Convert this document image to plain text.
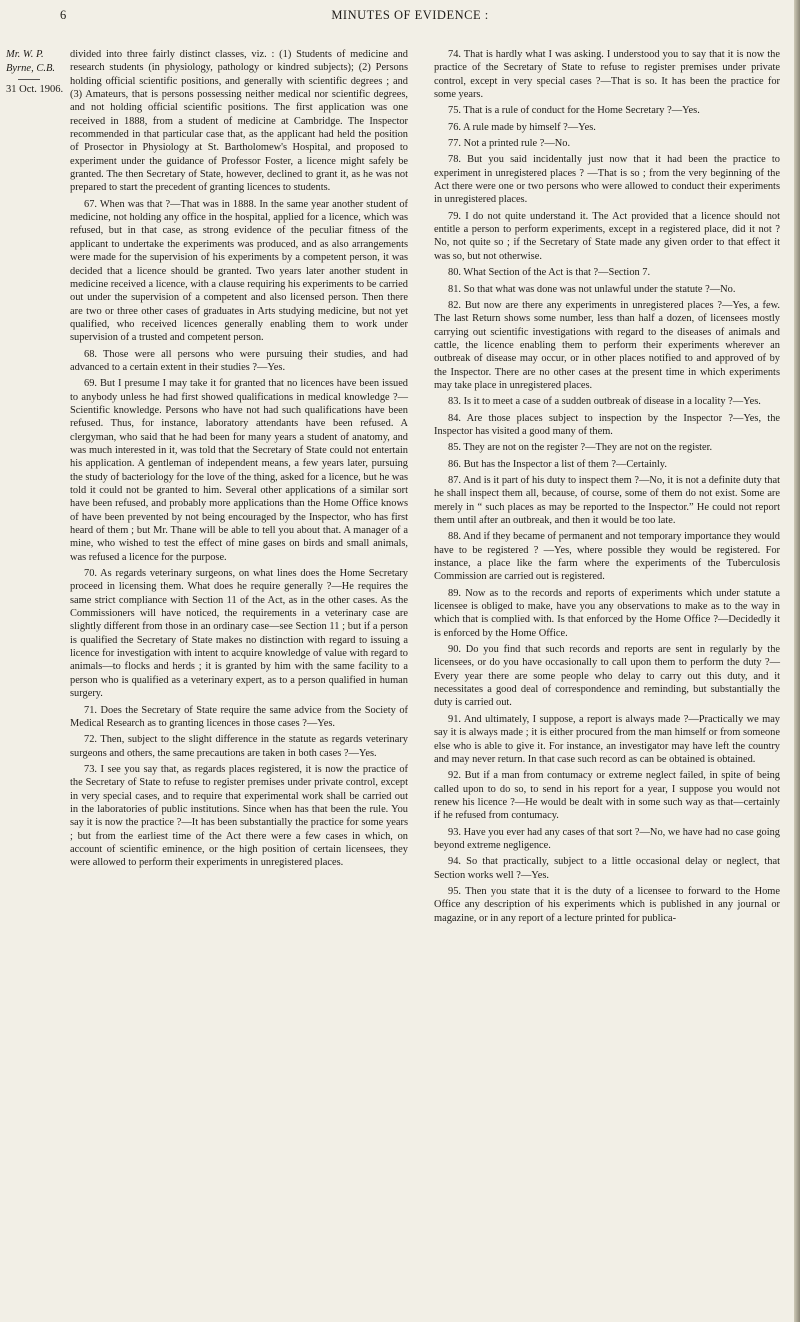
6	MINUTES OF EVIDENCE :
Mr. W. P. Byrne, C.B.
31 Oct. 1906.

divided into three fairly distinct classes, viz. : (1) Students of medicine and research students (in physiology, pathology or kindred subjects); (2) Persons holding official scientific positions, and generally with scientific degrees ; and (3) Amateurs, that is persons possessing neither medical nor scientific degrees, and not holding official scientific positions. The first application was one received in 1888, from a student of medicine at Cambridge. The Inspector recommended in that particular case that, as the applicant had held the position of Prosector in Physiology at St. Bartholomew's Hospital, and proposed to experiment under the guidance of Professor Foster, a licence might safely be granted. The then Secretary of State, however, declined to grant it, as he was not prepared to start the precedent of granting licences to students.

67. When was that ?—That was in 1888. In the same year another student of medicine, not holding any office in the hospital, applied for a licence, which was refused, but in that case, as strong evidence of the peculiar fitness of the applicant to undertake the experiments was produced, and as also arrangements were made for the supervision of his experiments by a competent person, it was decided that a licence should be granted. Two years later another student in medicine received a licence, with a clause requiring his experiments to be carried out under the supervision of a competent and also licensed person. Then there are two or three other cases of graduates in Arts studying medicine, but not yet qualified, who received licences generally enabling them to work under supervision of a trusted and competent person.

68. Those were all persons who were pursuing their studies, and had advanced to a certain extent in their studies ?—Yes.

69. But I presume I may take it for granted that no licences have been issued to anybody unless he had first showed qualifications in medical knowledge ?—Scientific knowledge. Persons who have not had such qualifications have been refused. Thus, for instance, laboratory attendants have been refused. A clergyman, who said that he had been for many years a student of anatomy, and was much interested in it, was told that the Secretary of State could not entertain his application. A gentleman of independent means, a few years later, pursuing the study of bacteriology for the love of the thing, asked for a licence, but he was told it could not be granted to him. Several other applications of a similar sort have been refused, and probably more applications than the Home Office knows of have been prevented by not being encouraged by the Inspector, who has first heard of them ; but Mr. Thane will be able to tell you about that. A manager of a mine, who wished to test the effect of mine gases on birds and small animals, was refused a licence for the purpose.

70. As regards veterinary surgeons, on what lines does the Home Secretary proceed in licensing them. What does he require generally ?—He requires the same strict compliance with Section 11 of the Act, as in the other cases. As the Commissioners will have noticed, the requirements in a veterinary case are slightly different from those in an ordinary case—see Section 11 ; but if a person is qualified the Secretary of State makes no distinction with regard to issuing a licence for investigation with intent to acquire knowledge of value with regard to animals—to flocks and herds ; it is granted by him with the same facility to a person who is qualified as a veterinary expert, as to a person qualified in human surgery.

71. Does the Secretary of State require the same advice from the Society of Medical Research as to granting licences in those cases ?—Yes.

72. Then, subject to the slight difference in the statute as regards veterinary surgeons and others, the same precautions are taken in both cases ?—Yes.

73. I see you say that, as regards places registered, it is now the practice of the Secretary of State to refuse to register premises under private control, except in very special cases, and to require that experimental work shall be carried out in the laboratories of public institutions. Since when has that been the rule. You say it is now the practice ?—It has been substantially the practice for some years ; but from the earliest time of the Act there were a few cases in which, on account of scientific eminence, or the high position of certain licensees, they were allowed to perform their experiments in unregistered places.

74. That is hardly what I was asking. I understood you to say that it is now the practice of the Secretary of State to refuse to register premises under private control, except in very special cases ?—That is so. It has been the practice for some years.

75. That is a rule of conduct for the Home Secretary ?—Yes.

76. A rule made by himself ?—Yes.

77. Not a printed rule ?—No.

78. But you said incidentally just now that it had been the practice to experiment in unregistered places ? —That is so ; from the very beginning of the Act there were one or two persons who were allowed to conduct their experiments in unregistered places.

79. I do not quite understand it. The Act provided that a licence should not entitle a person to perform experiments, except in a registered place, did it not ? No, not quite so ; if the Secretary of State made any given order to that effect it was so, but not otherwise.

80. What Section of the Act is that ?—Section 7.

81. So that what was done was not unlawful under the statute ?—No.

82. But now are there any experiments in unregistered places ?—Yes, a few. The last Return shows some number, less than half a dozen, of licensees mostly carrying out scientific investigations with regard to the diseases of animals and cattle, the licence enabling them to perform their experiments wherever an outbreak of disease may occur, or in other places notified to and approved of by the Inspector. There are no other cases at the present time in which experiments may take place in unregistered places.

83. Is it to meet a case of a sudden outbreak of disease in a locality ?—Yes.

84. Are those places subject to inspection by the Inspector ?—Yes, the Inspector has visited a good many of them.

85. They are not on the register ?—They are not on the register.

86. But has the Inspector a list of them ?—Certainly.

87. And is it part of his duty to inspect them ?—No, it is not a definite duty that he shall inspect them all, because, of course, some of them do not exist. Some are merely in “ such places as may be reported to the Inspector.” He could not report them until after an outbreak, and then it would be too late.

88. And if they became of permanent and not temporary importance they would have to be registered ? —Yes, where possible they would be registered. For instance, a place like the farm where the experiments of the Tuberculosis Commission are carried out is registered.

89. Now as to the records and reports of experiments which under statute a licensee is obliged to make, have you any observations to make as to the way in which that is complied with. Is that enforced by the Home Office ?—Decidedly it is enforced by the Home Office.

90. Do you find that such records and reports are sent in regularly by the licensees, or do you have occasionally to call upon them to perform the duty ?—Every year there are some people who delay to carry out this duty, and it necessitates a good deal of correspondence and reminding, but substantially the duty is carried out.

91. And ultimately, I suppose, a report is always made ?—Practically we may say it is always made ; it is either procured from the man himself or from someone else who is able to give it. For instance, an investigator may have left the country and may never return. In that case such record as can be obtained is obtained.

92. But if a man from contumacy or extreme neglect failed, in spite of being called upon to do so, to send in his report for a year, I suppose you would not renew his licence ?—He would be dealt with in some such way as that—certainly if he refused from contumacy.

93. Have you ever had any cases of that sort ?—No, we have had no case going beyond extreme negligence.

94. So that practically, subject to a little occasional delay or neglect, that Section works well ?—Yes.

95. Then you state that it is the duty of a licensee to forward to the Home Office any description of his experiments which is published in any journal or magazine, or in any report of a lecture printed for publica-
